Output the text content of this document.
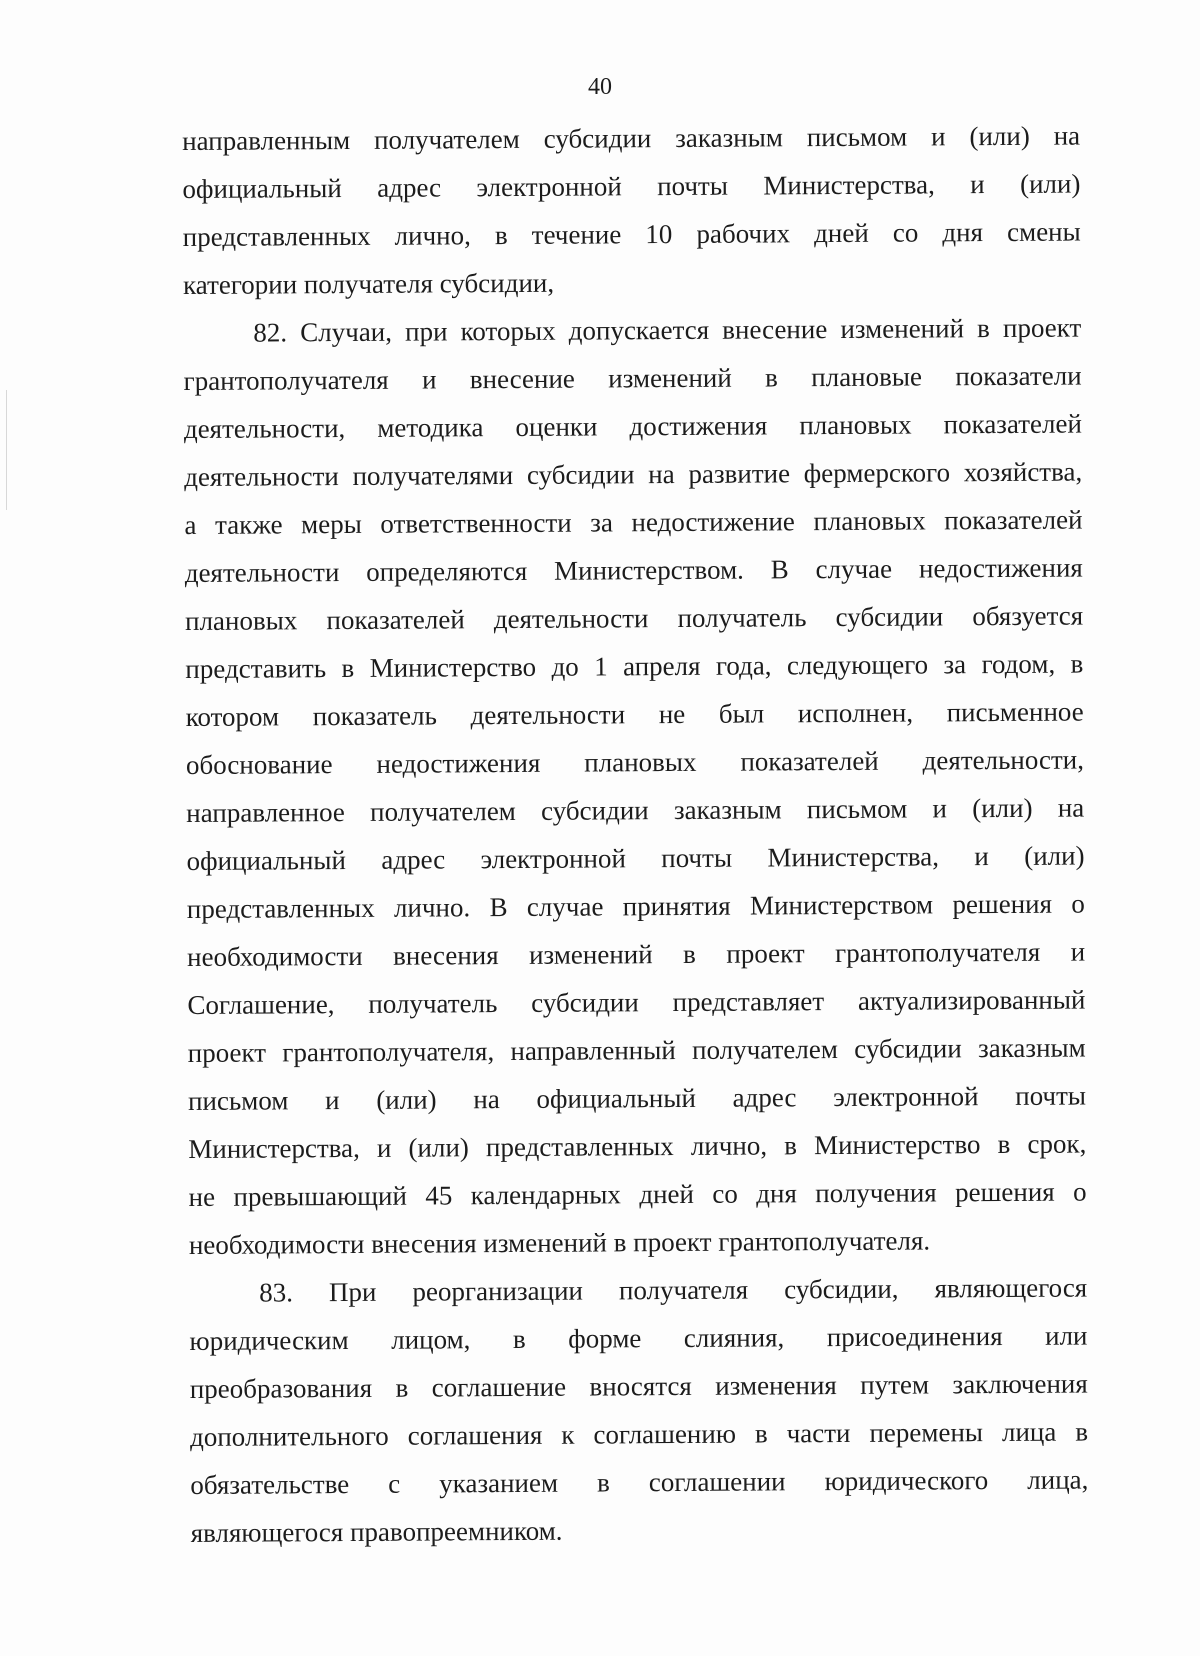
40
направленным получателем субсидии заказным письмом и (или) на
официальный адрес электронной почты Министерства, и (или)
представленных лично, в течение 10 рабочих дней со дня смены
категории получателя субсидии,
82. Случаи, при которых допускается внесение изменений в проект
грантополучателя и внесение изменений в плановые показатели
деятельности, методика оценки достижения плановых показателей
деятельности получателями субсидии на развитие фермерского хозяйства,
а также меры ответственности за недостижение плановых показателей
деятельности определяются Министерством. В случае недостижения
плановых показателей деятельности получатель субсидии обязуется
представить в Министерство до 1 апреля года, следующего за годом, в
котором показатель деятельности не был исполнен, письменное
обоснование недостижения плановых показателей деятельности,
направленное получателем субсидии заказным письмом и (или) на
официальный адрес электронной почты Министерства, и (или)
представленных лично. В случае принятия Министерством решения о
необходимости внесения изменений в проект грантополучателя и
Соглашение, получатель субсидии представляет актуализированный
проект грантополучателя, направленный получателем субсидии заказным
письмом и (или) на официальный адрес электронной почты
Министерства, и (или) представленных лично, в Министерство в срок,
не превышающий 45 календарных дней со дня получения решения о
необходимости внесения изменений в проект грантополучателя.
83. При реорганизации получателя субсидии, являющегося
юридическим лицом, в форме слияния, присоединения или
преобразования в соглашение вносятся изменения путем заключения
дополнительного соглашения к соглашению в части перемены лица в
обязательстве с указанием в соглашении юридического лица,
являющегося правопреемником.
